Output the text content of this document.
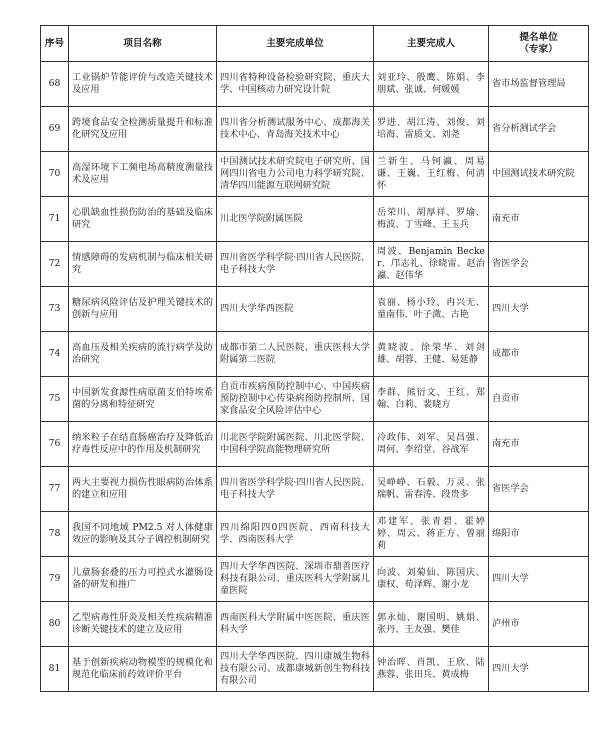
序号	项目名称	主要完成单位	主要完成人	提名单位
（专家）

68	工业锅炉节能评价与改造关键技术及应用	四川省特种设备检验研究院、重庆大学、中国核动力研究设计院	刘亚玲、殷鹰、陈娟、李朋斌、张诚、何媛媛	省市场监督管理局
69	跨境食品安全检测质量提升和标准化研究及应用	四川省分析测试服务中心、成都海关技术中心、青岛海关技术中心	罗进、胡江涛、刘俊、刘培海、雷质文、刘尧	省分析测试学会
70	高湿环境下工频电场高精度测量技术及应用	中国测试技术研究院电子研究所、国网四川省电力公司电力科学研究院、清华四川能源互联网研究院	兰新生、马钶瀛、周易谦、王巍、王红梅、何清怀	中国测试技术研究院
71	心肌缺血性损伤防治的基础及临床研究	川北医学院附属医院	岳荣川、胡厚祥、罗瑜、梅波、丁雪峰、王玉兵	南充市
72	情感障碍的发病机制与临床相关研究	四川省医学科学院·四川省人民医院、电子科技大学	周波、Benjamin Becker、邝志礼、徐晓雷、赵治瀛、赵伟华	省医学会
73	糖尿病风险评估及护理关键技术的创新与应用	四川大学华西医院	袁丽、杨小玲、冉兴无、童南伟、叶子溦、古艳	四川大学
74	高血压及相关疾病的流行病学及防治研究	成都市第二人民医院、重庆医科大学附属第二医院	黄晓波、徐荣华、刘剑雄、胡蓉、王健、易延静	成都市
75	中国新发食源性病原菌支伯特埃希菌的分离和特征研究	自贡市疾病预防控制中心、中国疾病预防控制中心传染病预防控制所、国家食品安全风险评估中心	李群、熊衍文、王红、郑翰、白莉、裴晓方	自贡市
76	纳米粒子在结直肠癌治疗及降低治疗毒性反应中的作用及机制研究	川北医学院附属医院、川北医学院、中国科学院高能物理研究所	冷政伟、刘军、吴昌强、周何、李绍堂、谷战军	南充市
77	两大主要视力损伤性眼病防治体系的建立和应用	四川省医学科学院·四川省人民医院、电子科技大学	吴峥峥、石毅、万灵、张瑞帆、雷春涛、段贵多	省医学会
78	我国不同地域 PM2.5 对人体健康效应的影响及其分子调控机制研究	四川绵阳四0四医院、西南科技大学、西南医科大学	邓建军、张青碧、霍婷婷、周云、蒋正方、曾丽莉	绵阳市
79	儿童肠套叠的压力可控式水灌肠设备的研发和推广	四川大学华西医院、深圳市鼎善医疗科技有限公司、重庆医科大学附属儿童医院	向波、刘菊仙、陈国庆、康权、苟泽辉、谢小龙	四川大学
80	乙型病毒性肝炎及相关性疾病精准诊断关键技术的建立及应用	西南医科大学附属中医医院、重庆医科大学	郭永灿、谢国明、姚娟、张丹、王友强、樊佳	泸州市
81	基于创新疾病动物模型的规模化和规范化临床前药效评价平台	四川大学华西医院、四川康城生物科技有限公司、成都康城新创生物科技有限公司	钟治晖、肖凯、王欣、陆燕蓉、张田兵、黄成梅	四川大学
